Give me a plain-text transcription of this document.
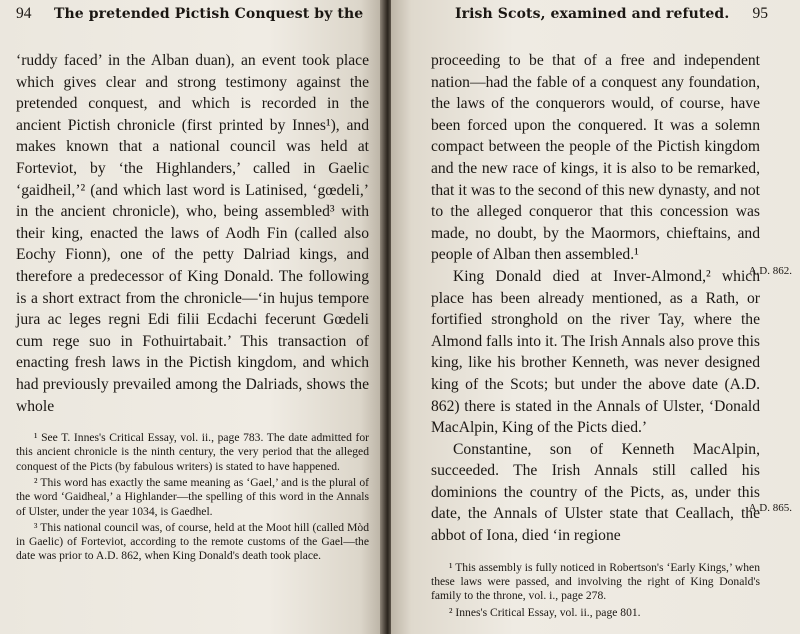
94 The pretended Pictish Conquest by the

‘ruddy faced’ in the Alban duan), an event took place which gives clear and strong testimony against the pretended conquest, and which is recorded in the ancient Pictish chronicle (first printed by Innes¹), and makes known that a national council was held at Forteviot, by ‘the Highlanders,’ called in Gaelic ‘gaidheil,’² (and which last word is Latinised, ‘gœdeli,’ in the ancient chronicle), who, being assembled³ with their king, enacted the laws of Aodh Fin (called also Eochy Fionn), one of the petty Dalriad kings, and therefore a predecessor of King Donald. The following is a short extract from the chronicle—‘in hujus tempore jura ac leges regni Edi filii Ecdachi fecerunt Gœdeli cum rege suo in Fothuirtabait.’ This transaction of enacting fresh laws in the Pictish kingdom, and which had previously prevailed among the Dalriads, shows the whole

¹ See T. Innes's Critical Essay, vol. ii., page 783. The date admitted for this ancient chronicle is the ninth century, the very period that the alleged conquest of the Picts (by fabulous writers) is stated to have happened.

² This word has exactly the same meaning as ‘Gael,’ and is the plural of the word ‘Gaidheal,’ a Highlander—the spelling of this word in the Annals of Ulster, under the year 1034, is Gaedhel.

³ This national council was, of course, held at the Moot hill (called Mòd in Gaelic) of Forteviot, according to the remote customs of the Gael—the date was prior to A.D. 862, when King Donald's death took place.

Irish Scots, examined and refuted. 95

proceeding to be that of a free and independent nation—had the fable of a conquest any foundation, the laws of the conquerors would, of course, have been forced upon the conquered. It was a solemn compact between the people of the Pictish kingdom and the new race of kings, it is also to be remarked, that it was to the second of this new dynasty, and not to the alleged conqueror that this concession was made, no doubt, by the Maormors, chieftains, and people of Alban then assembled.¹

King Donald died at Inver-Almond,² which place has been already mentioned, as a Rath, or fortified stronghold on the river Tay, where the Almond falls into it. The Irish Annals also prove this king, like his brother Kenneth, was never designed king of the Scots; but under the above date (A.D. 862) there is stated in the Annals of Ulster, ‘Donald MacAlpin, King of the Picts died.’

Constantine, son of Kenneth MacAlpin, succeeded. The Irish Annals still called his dominions the country of the Picts, as, under this date, the Annals of Ulster state that Ceallach, the abbot of Iona, died ‘in regione

A.D. 862.
A.D. 865.

¹ This assembly is fully noticed in Robertson's ‘Early Kings,’ when these laws were passed, and involving the right of King Donald's family to the throne, vol. i., page 278.

² Innes's Critical Essay, vol. ii., page 801.
